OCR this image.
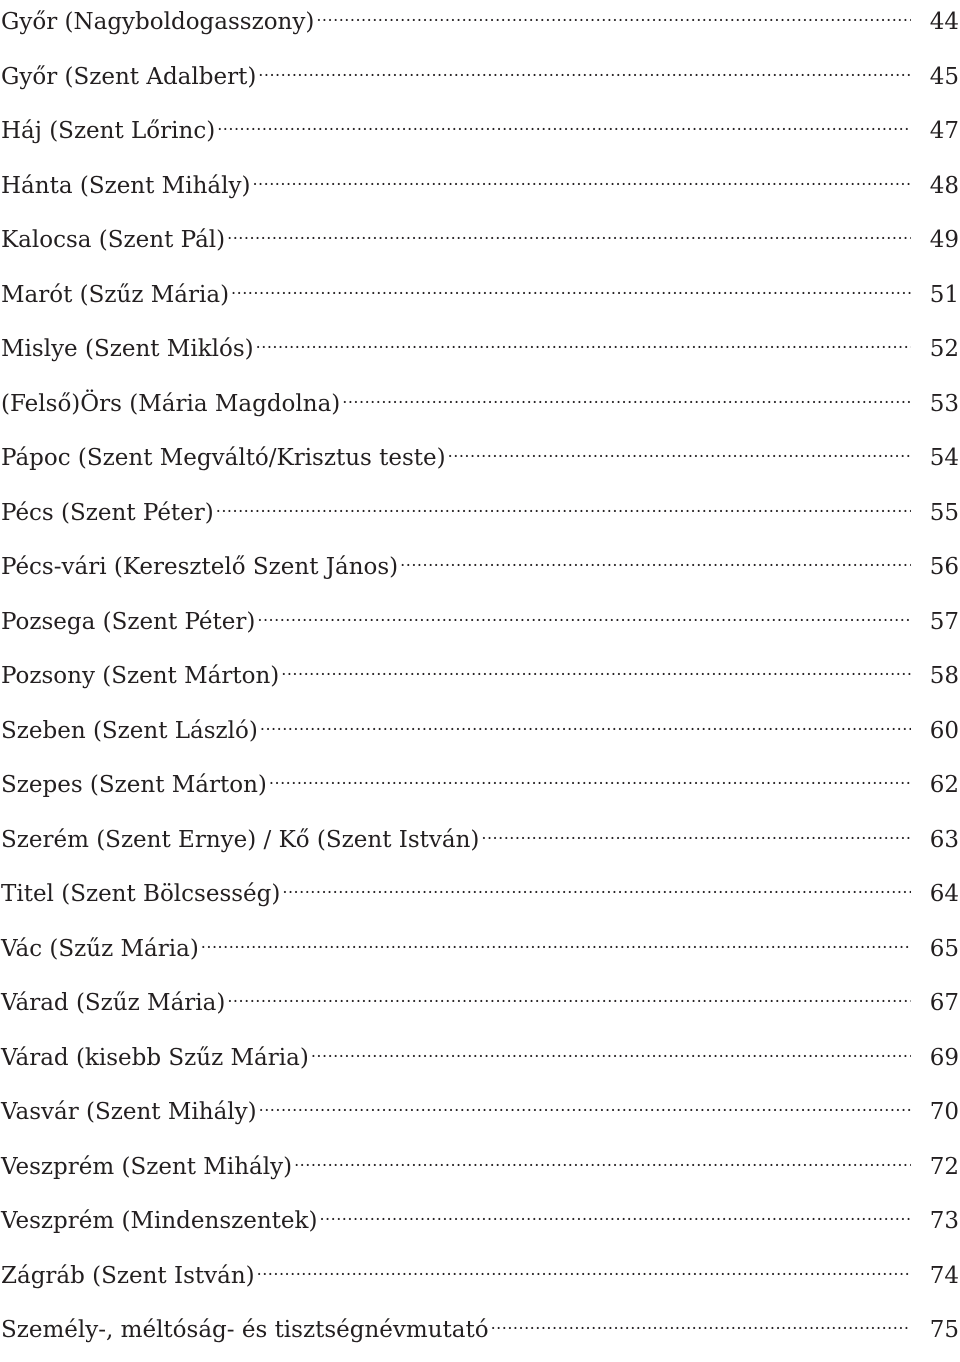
Győr (Nagyboldogasszony) .....	44
Győr (Szent Adalbert) .....	45
Háj (Szent Lőrinc) .....	47
Hánta (Szent Mihály) .....	48
Kalocsa (Szent Pál) .....	49
Marót (Szűz Mária) .....	51
Mislye (Szent Miklós) .....	52
(Felső)Örs (Mária Magdolna) .....	53
Pápoc (Szent Megváltó/Krisztus teste) .....	54
Pécs (Szent Péter) .....	55
Pécs-vári (Keresztelő Szent János) .....	56
Pozsega (Szent Péter) .....	57
Pozsony (Szent Márton) .....	58
Szeben (Szent László) .....	60
Szepes (Szent Márton) .....	62
Szerém (Szent Ernye) / Kő (Szent István) .....	63
Titel (Szent Bölcsesség) .....	64
Vác (Szűz Mária) .....	65
Várad (Szűz Mária) .....	67
Várad (kisebb Szűz Mária) .....	69
Vasvár (Szent Mihály) .....	70
Veszprém (Szent Mihály) .....	72
Veszprém (Mindenszentek) .....	73
Zágráb (Szent István) .....	74
Személy-, méltóság- és tisztségnévmutató .....	75
